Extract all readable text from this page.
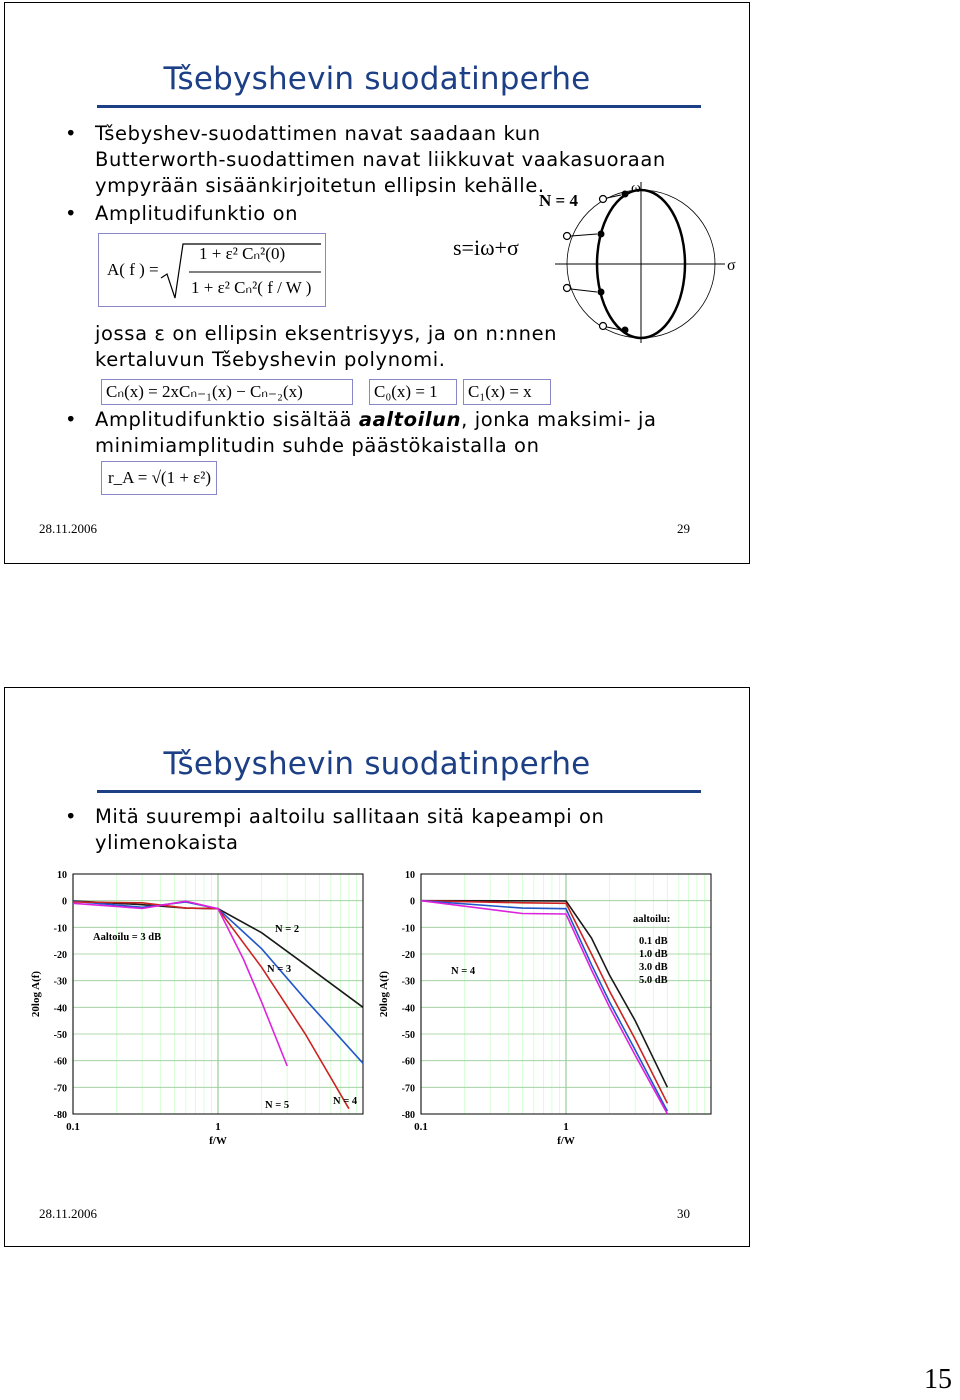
Tšebyshevin suodatinperhe
• Tšebyshev-suodattimen navat saadaan kun
Butterworth-suodattimen navat liikkuvat vaakasuoraan
ympyrään sisäänkirjoitetun ellipsin kehälle.
• Amplitudifunktio on
A( f ) =
1 + ε² Cₙ²(0)
1 + ε² Cₙ²( f / W )
s=iω+σ
N = 4
ω
σ
jossa ε on ellipsin eksentrisyys, ja on n:nnen
kertaluvun Tšebyshevin polynomi.
Cₙ(x) = 2xCₙ₋₁(x) − Cₙ₋₂(x)	C₀(x) = 1	C₁(x) = x
• Amplitudifunktio sisältää aaltoilun, jonka maksimi- ja
minimiamplitudin suhde päästökaistalla on
r_A = √(1 + ε²)
28.11.2006	29
Tšebyshevin suodatinperhe
• Mitä suurempi aaltoilu sallitaan sitä kapeampi on
ylimenokaista
10
0
-10
-20
-30
-40
-50
-60
-70
-80
0.1	1
f/W
20log A(f)
Aaltoilu = 3 dB
N = 2
N = 3
N = 4
N = 5
10
0
-10
-20
-30
-40
-50
-60
-70
-80
0.1	1
f/W
20log A(f)
aaltoilu:
0.1 dB
1.0 dB
3.0 dB
5.0 dB
N = 4
28.11.2006	30
15
